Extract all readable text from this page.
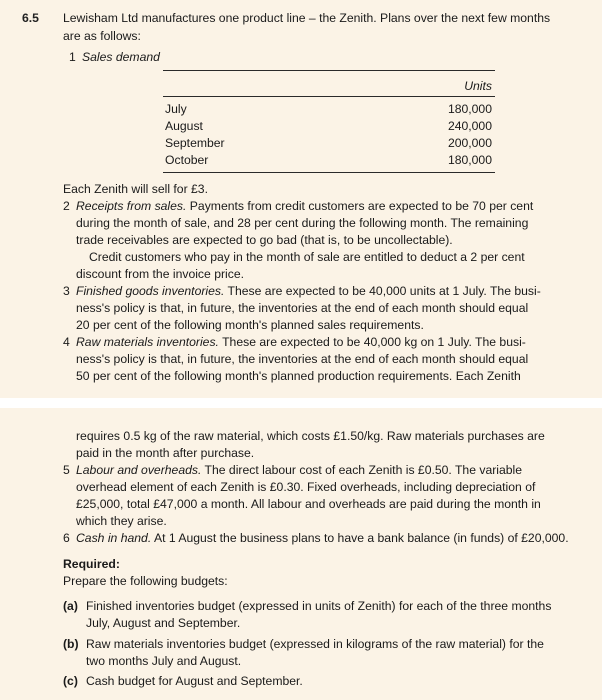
6.5 Lewisham Ltd manufactures one product line – the Zenith. Plans over the next few months

are as follows:

1 Sales demand

Units

July	180,000

August	240,000

September	200,000

October	180,000

Each Zenith will sell for £3.

2 Receipts from sales. Payments from credit customers are expected to be 70 per cent

during the month of sale, and 28 per cent during the following month. The remaining

trade receivables are expected to go bad (that is, to be uncollectable).

Credit customers who pay in the month of sale are entitled to deduct a 2 per cent

discount from the invoice price.

3 Finished goods inventories. These are expected to be 40,000 units at 1 July. The busi-

ness's policy is that, in future, the inventories at the end of each month should equal

20 per cent of the following month's planned sales requirements.

4 Raw materials inventories. These are expected to be 40,000 kg on 1 July. The busi-

ness's policy is that, in future, the inventories at the end of each month should equal

50 per cent of the following month's planned production requirements. Each Zenith

requires 0.5 kg of the raw material, which costs £1.50/kg. Raw materials purchases are

paid in the month after purchase.

5 Labour and overheads. The direct labour cost of each Zenith is £0.50. The variable

overhead element of each Zenith is £0.30. Fixed overheads, including depreciation of

£25,000, total £47,000 a month. All labour and overheads are paid during the month in

which they arise.

6 Cash in hand. At 1 August the business plans to have a bank balance (in funds) of £20,000.

Required:

Prepare the following budgets:

(a) Finished inventories budget (expressed in units of Zenith) for each of the three months

July, August and September.

(b) Raw materials inventories budget (expressed in kilograms of the raw material) for the

two months July and August.

(c) Cash budget for August and September.
